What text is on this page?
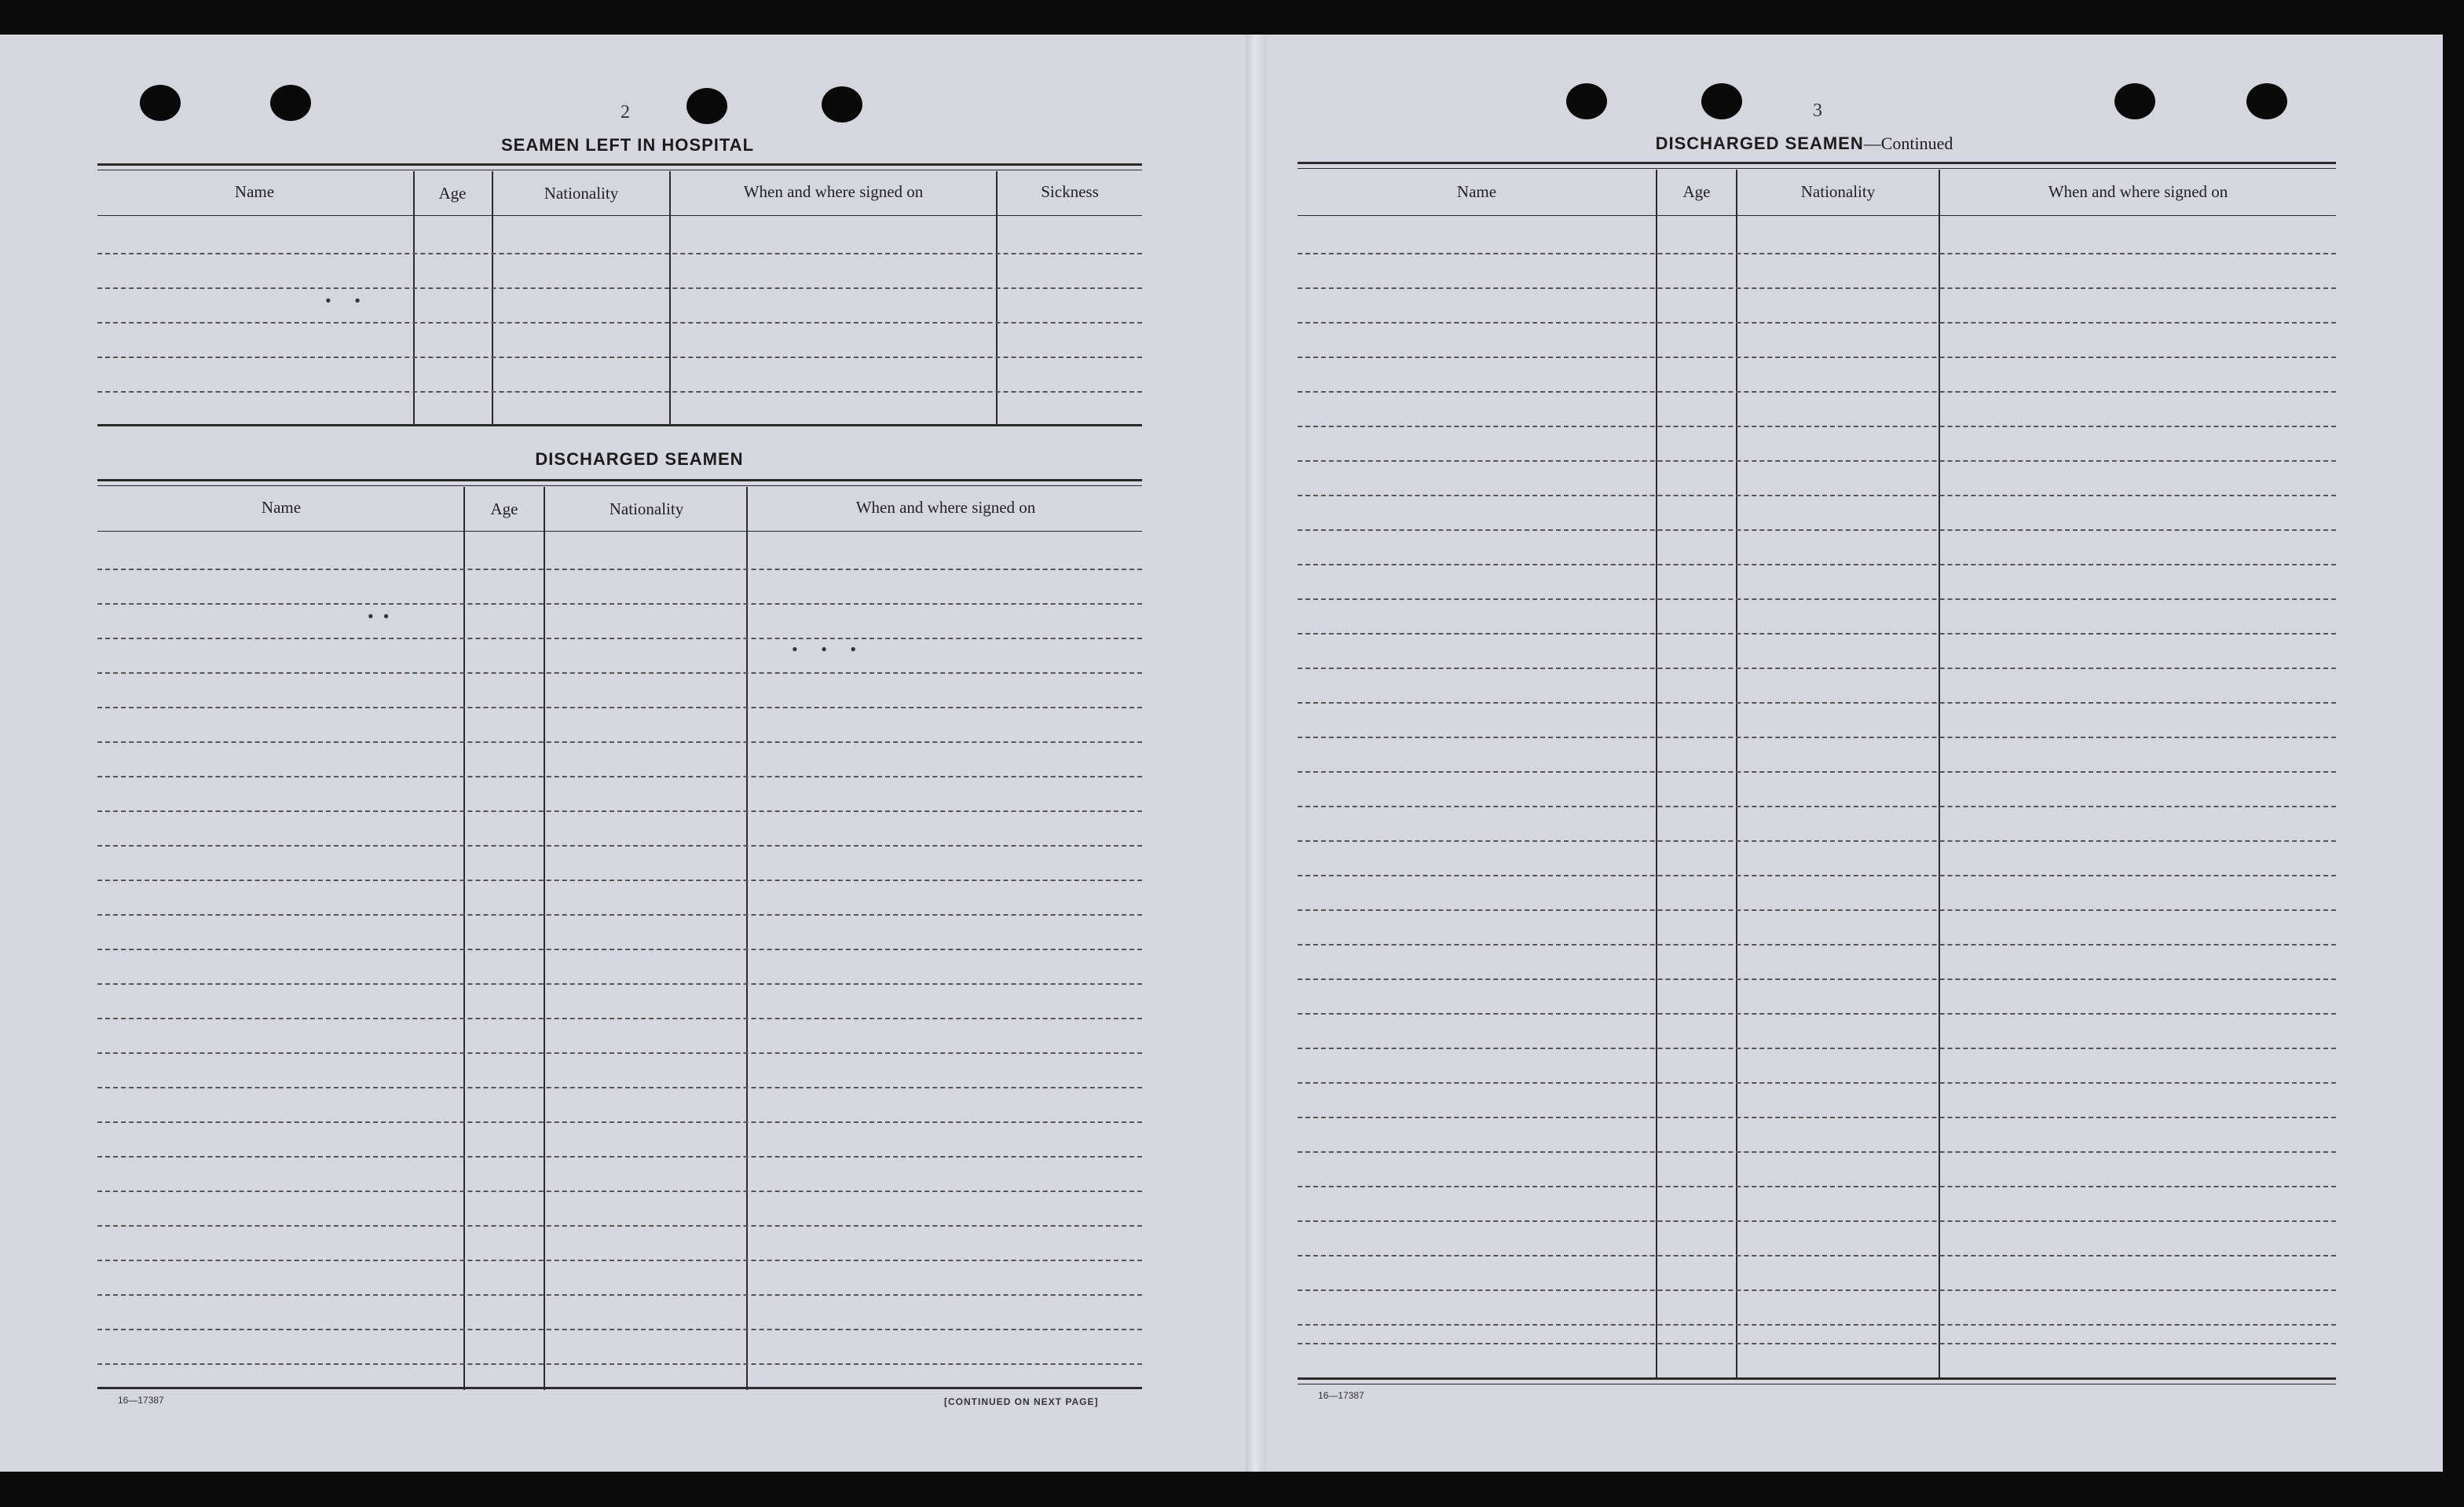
2
SEAMEN LEFT IN HOSPITAL
Name	Age	Nationality	When and where signed on	Sickness
• •
DISCHARGED SEAMEN
Name	Age	Nationality	When and where signed on
••
• • •
16—17387	[CONTINUED ON NEXT PAGE]
3
DISCHARGED SEAMEN—Continued
Name	Age	Nationality	When and where signed on
16—17387
